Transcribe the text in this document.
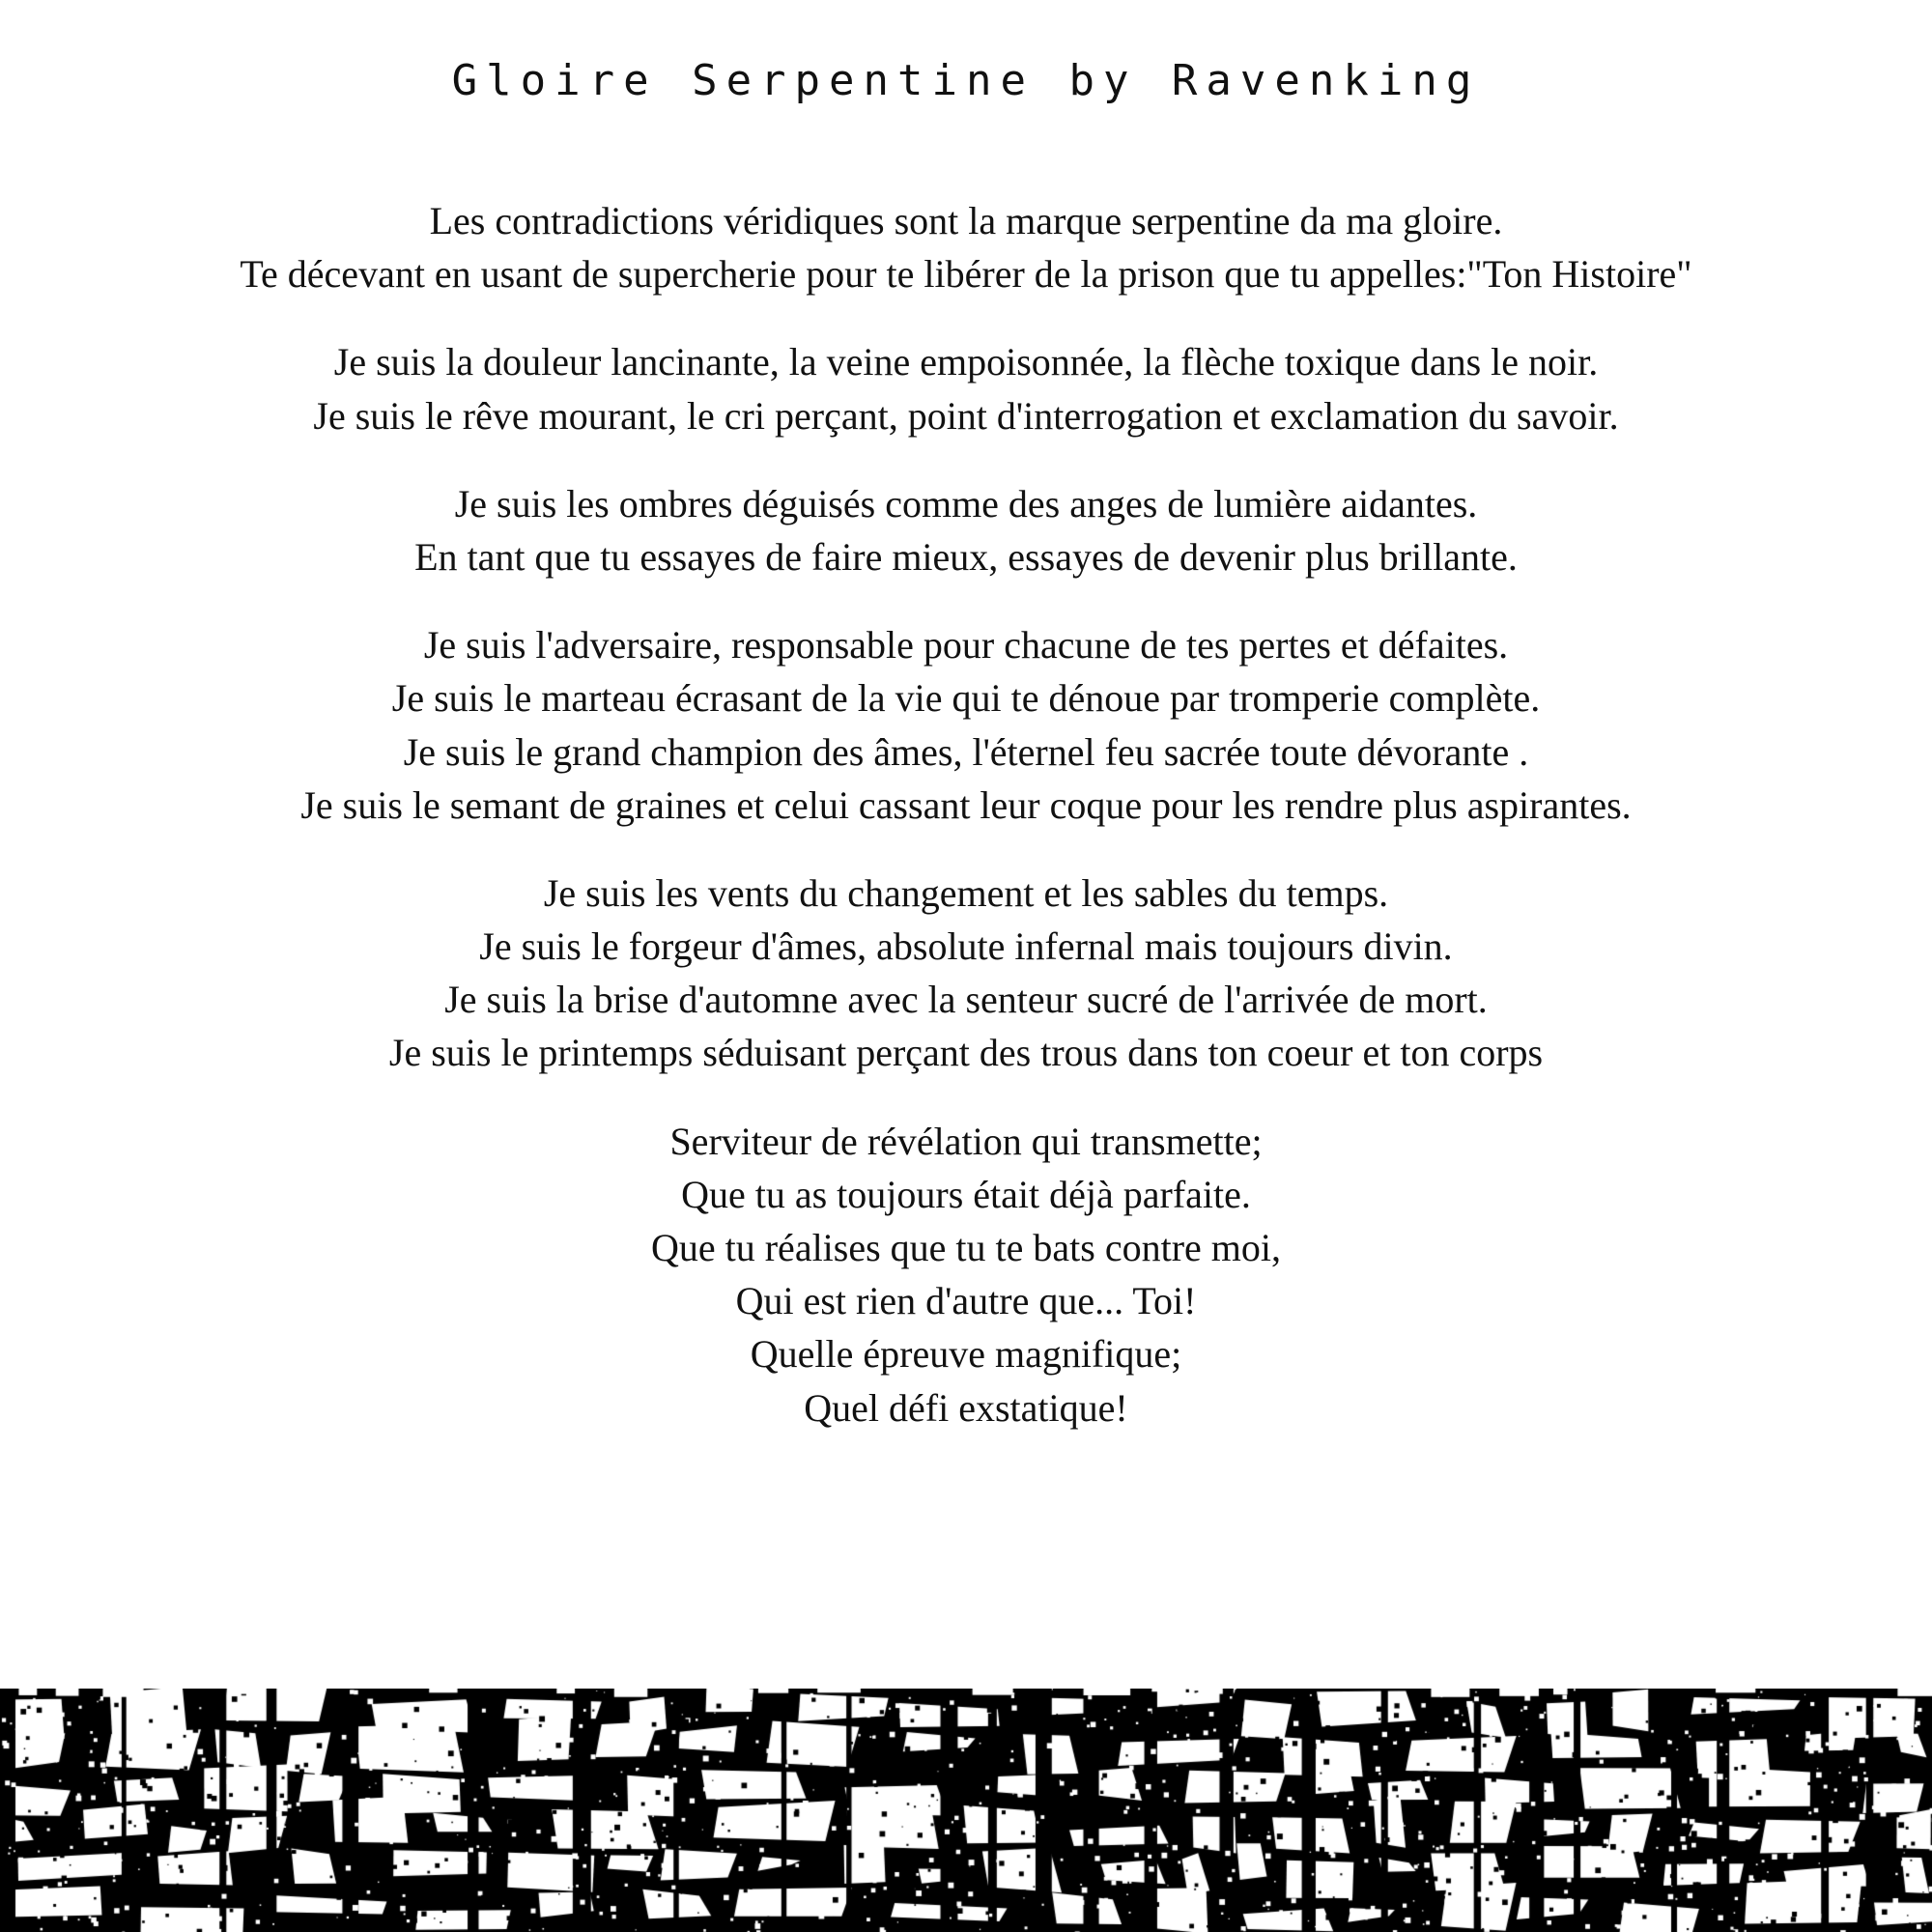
Gloire Serpentine by Ravenking

Les contradictions véridiques sont la marque serpentine da ma gloire.
Te décevant en usant de supercherie pour te libérer de la prison que tu appelles:"Ton Histoire"

Je suis la douleur lancinante, la veine empoisonnée, la flèche toxique dans le noir.
Je suis le rêve mourant, le cri perçant, point d'interrogation et exclamation du savoir.

Je suis les ombres déguisés comme des anges de lumière aidantes.
En tant que tu essayes de faire mieux, essayes de devenir plus brillante.

Je suis l'adversaire, responsable pour chacune de tes pertes et défaites.
Je suis le marteau écrasant de la vie qui te dénoue par tromperie complète.
Je suis le grand champion des âmes, l'éternel feu sacrée toute dévorante .
Je suis le semant de graines et celui cassant leur coque pour les rendre plus aspirantes.

Je suis les vents du changement et les sables du temps.
Je suis le forgeur d'âmes, absolute infernal mais toujours divin.
Je suis la brise d'automne avec la senteur sucré de l'arrivée de mort.
Je suis le printemps séduisant perçant des trous dans ton coeur et ton corps

Serviteur de révélation qui transmette;
Que tu as toujours était déjà parfaite.
Que tu réalises que tu te bats contre moi,
Qui est rien d'autre que... Toi!
Quelle épreuve magnifique;
Quel défi exstatique!
